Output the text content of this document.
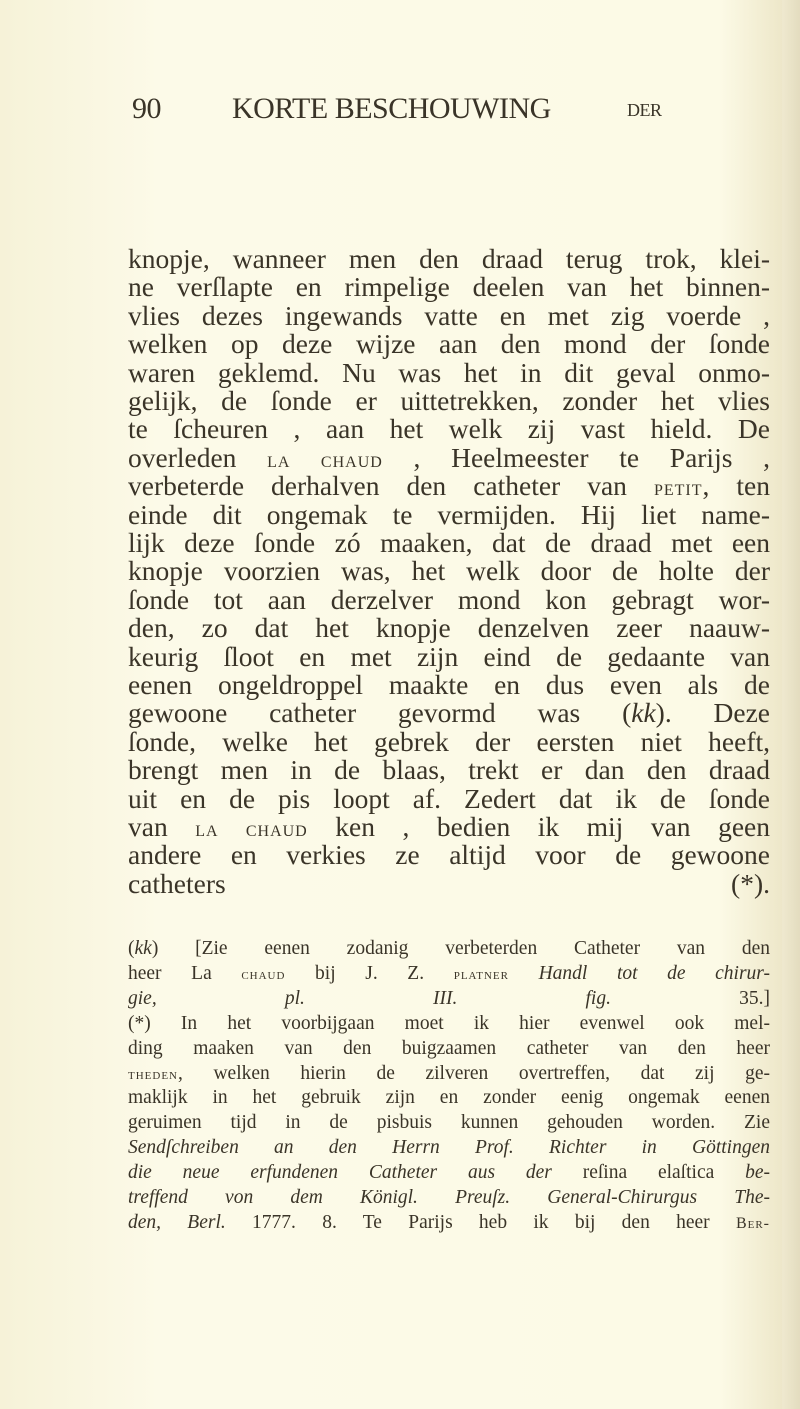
90 KORTE BESCHOUWING	DER
knopje, wanneer men den draad terug trok, klei-
ne verſlapte en rimpelige deelen van het binnen-
vlies dezes ingewands vatte en met zig voerde ,
welken op deze wijze aan den mond der ſonde
waren geklemd. Nu was het in dit geval onmo-
gelijk, de ſonde er uittetrekken, zonder het vlies
te ſcheuren , aan het welk zij vast hield. De
overleden la chaud , Heelmeester te Parijs ,
verbeterde derhalven den catheter van petit, ten
einde dit ongemak te vermijden. Hij liet name-
lijk deze ſonde zó maaken, dat de draad met een
knopje voorzien was, het welk door de holte der
ſonde tot aan derzelver mond kon gebragt wor-
den, zo dat het knopje denzelven zeer naauw-
keurig ſloot en met zijn eind de gedaante van
eenen ongeldroppel maakte en dus even als de
gewoone catheter gevormd was (kk). Deze
ſonde, welke het gebrek der eersten niet heeft,
brengt men in de blaas, trekt er dan den draad
uit en de pis loopt af. Zedert dat ik de ſonde
van la chaud ken , bedien ik mij van geen
andere en verkies ze altijd voor de gewoone
catheters (*).
(kk) [Zie eenen zodanig verbeterden Catheter van den
heer La chaud bij J. Z. platner Handl tot de chirur-
gie, pl. III. fig. 35.]
(*) In het voorbijgaan moet ik hier evenwel ook mel-
ding maaken van den buigzaamen catheter van den heer
theden, welken hierin de zilveren overtreffen, dat zij ge-
maklijk in het gebruik zijn en zonder eenig ongemak eenen
geruimen tijd in de pisbuis kunnen gehouden worden. Zie
Sendſchreiben an den Herrn Prof. Richter in Göttingen
die neue erfundenen Catheter aus der reſina elaſtica be-
treffend von dem Königl. Preuſz. General-Chirurgus The-
den, Berl. 1777. 8. Te Parijs heb ik bij den heer Ber-
